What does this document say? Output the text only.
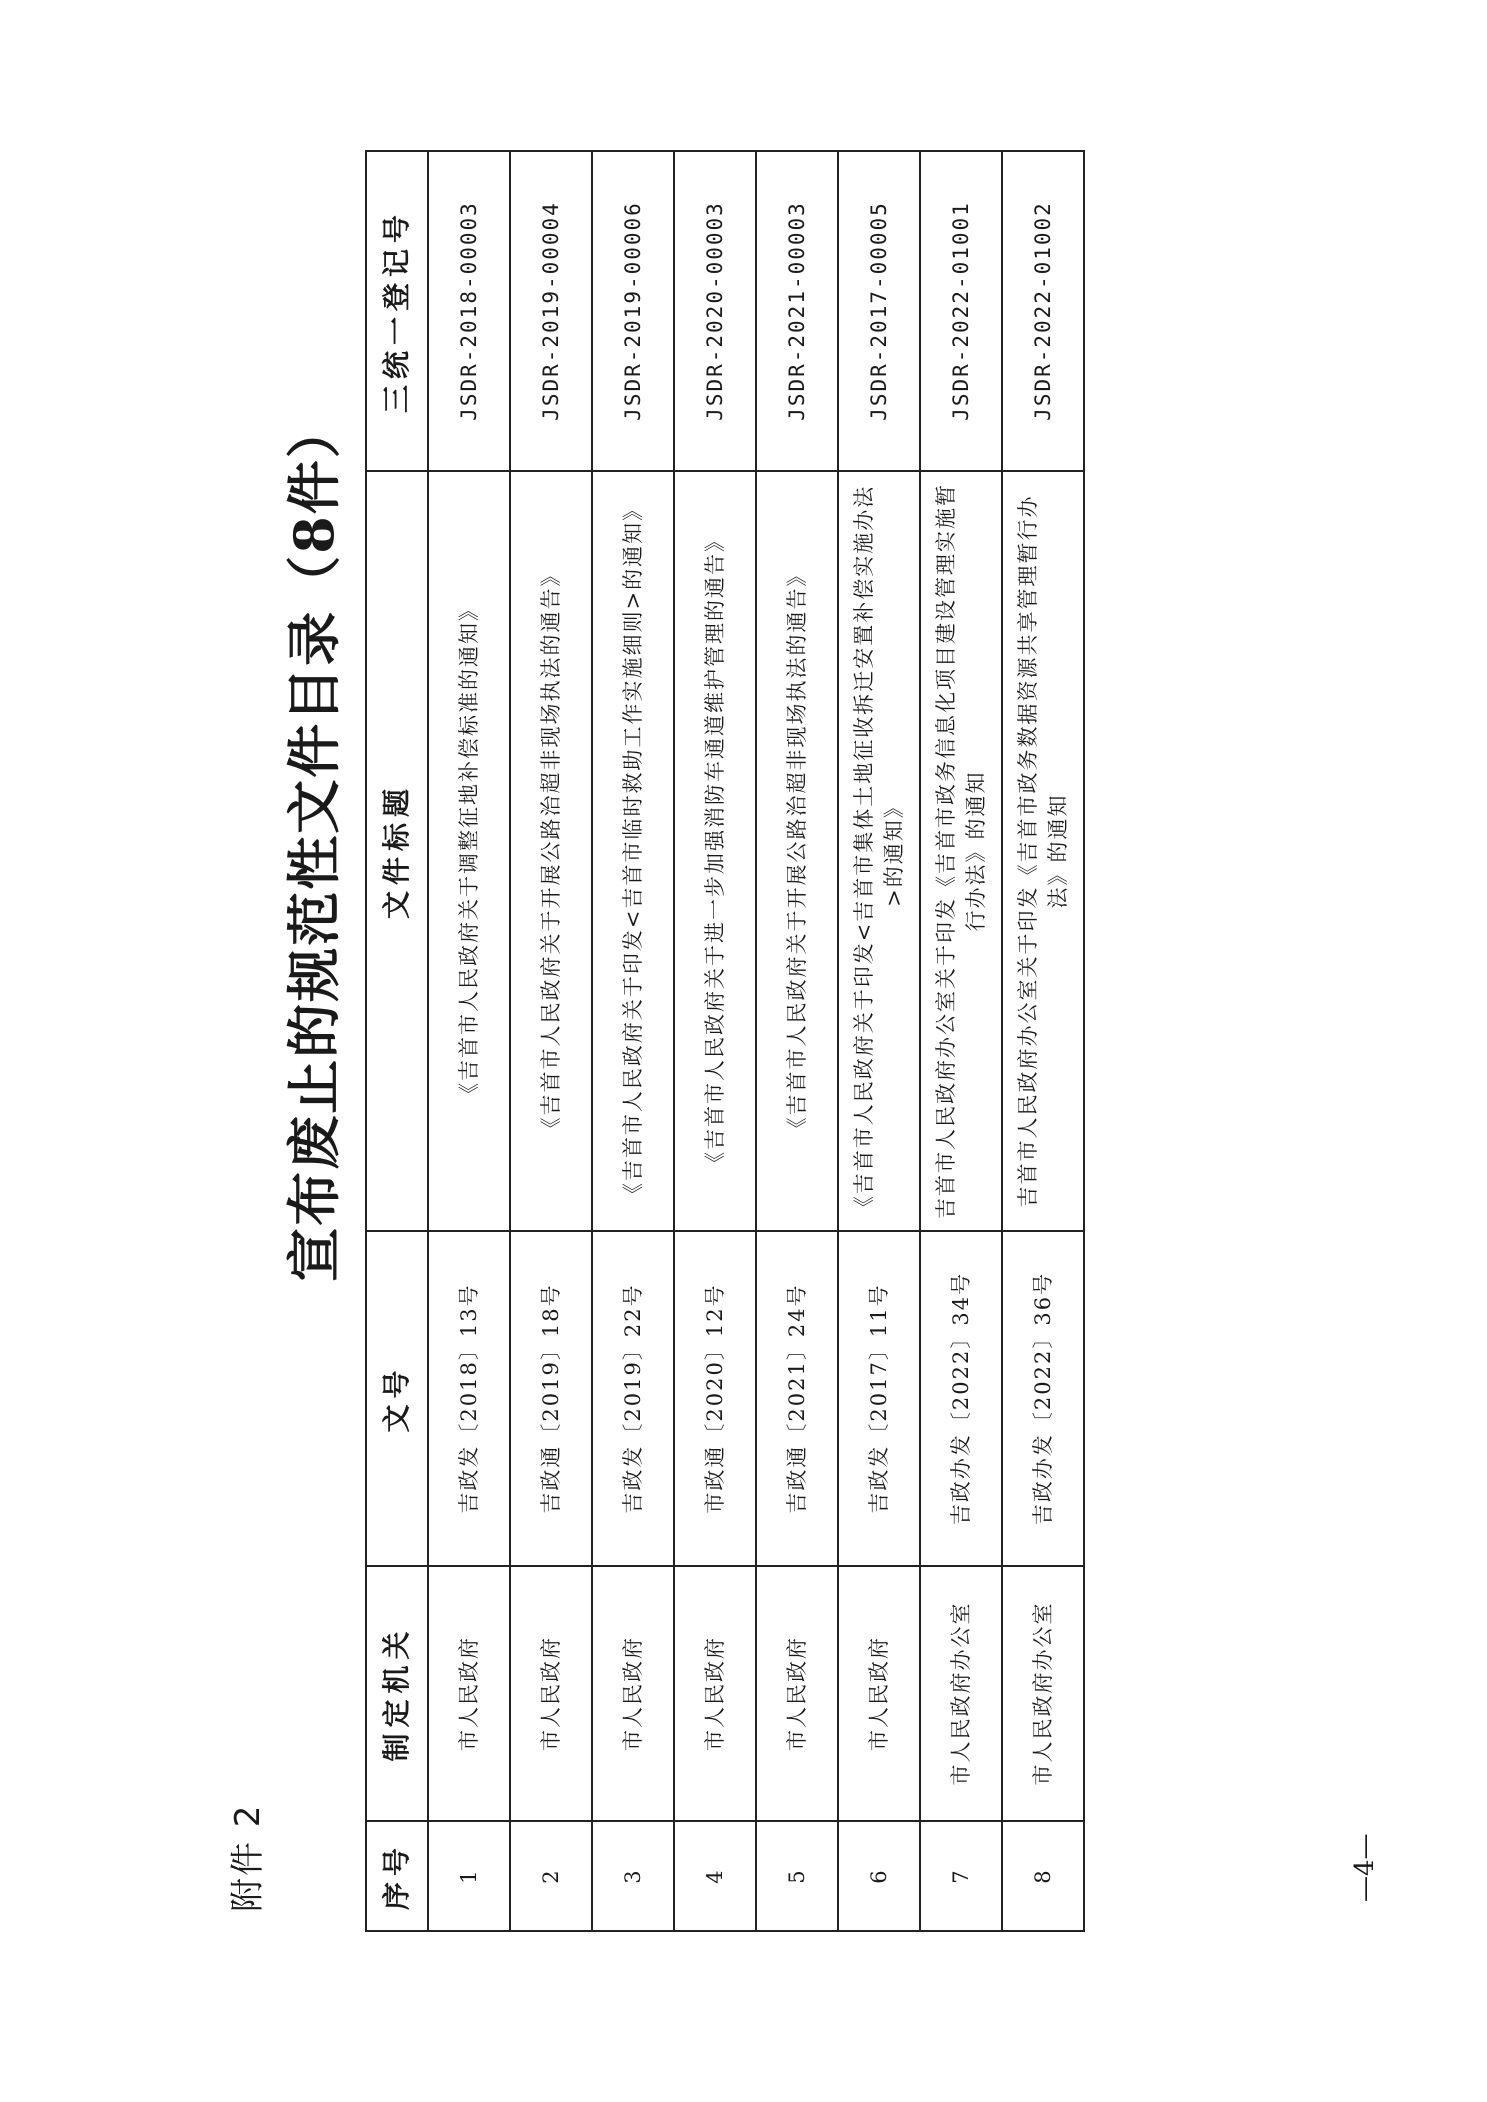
附件 2
宣布废止的规范性文件目录（8件）
序号	制定机关	文号	文件标题	三统一登记号
1	市人民政府	吉政发〔2018〕13号	《吉首市人民政府关于调整征地补偿标准的通知》	JSDR-2018-00003
2	市人民政府	吉政通〔2019〕18号	《吉首市人民政府关于开展公路治超非现场执法的通告》	JSDR-2019-00004
3	市人民政府	吉政发〔2019〕22号	《吉首市人民政府关于印发<吉首市临时救助工作实施细则>的通知》	JSDR-2019-00006
4	市人民政府	市政通〔2020〕12号	《吉首市人民政府关于进一步加强消防车通道维护管理的通告》	JSDR-2020-00003
5	市人民政府	吉政通〔2021〕24号	《吉首市人民政府关于开展公路治超非现场执法的通告》	JSDR-2021-00003
6	市人民政府	吉政发〔2017〕11号	《吉首市人民政府关于印发<吉首市集体土地征收拆迁安置补偿实施办法>的通知》	JSDR-2017-00005
7	市人民政府办公室	吉政办发〔2022〕34号	吉首市人民政府办公室关于印发《吉首市政务信息化项目建设管理实施暂行办法》的通知	JSDR-2022-01001
8	市人民政府办公室	吉政办发〔2022〕36号	吉首市人民政府办公室关于印发《吉首市政务数据资源共享管理暂行办法》的通知	JSDR-2022-01002
—4—
